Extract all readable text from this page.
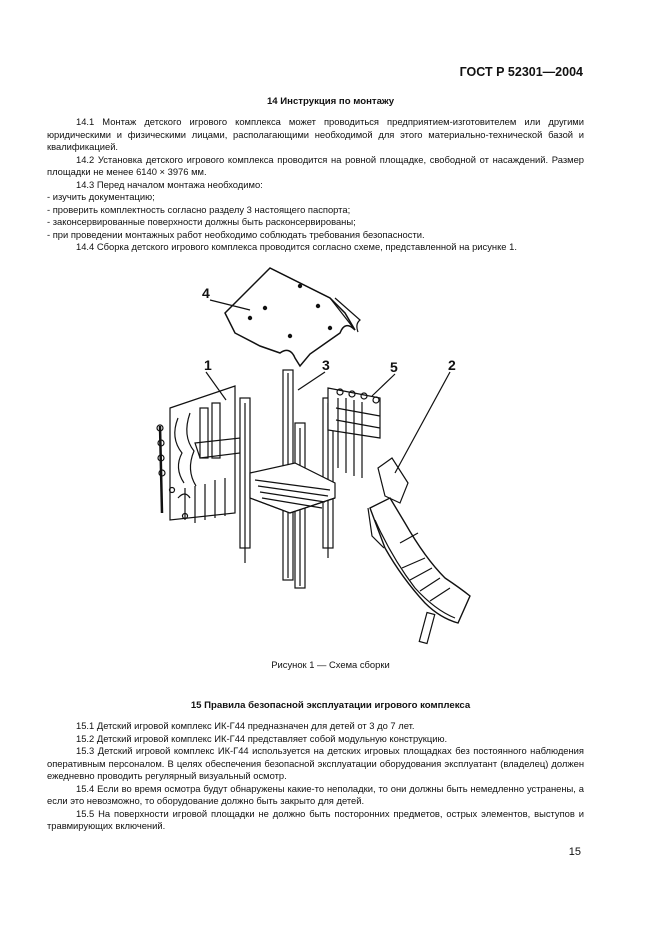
ГОСТ Р 52301—2004
14 Инструкция по монтажу

14.1 Монтаж детского игрового комплекса может проводиться предприятием-изготовителем или другими юридическими и физическими лицами, располагающими необходимой для этого материально-технической базой и квалификацией.

14.2 Установка детского игрового комплекса проводится на ровной площадке, свободной от насаждений. Размер площадки не менее 6140 × 3976 мм.

14.3 Перед началом монтажа необходимо:

- изучить документацию;

- проверить комплектность согласно разделу 3 настоящего паспорта;

- законсервированные поверхности должны быть расконсервированы;

- при проведении монтажных работ необходимо соблюдать требования безопасности.

14.4 Сборка детского игрового комплекса проводится согласно схеме, представленной на рисунке 1.

4
1	3	5	2
Рисунок 1 — Схема сборки
15 Правила безопасной эксплуатации игрового комплекса

15.1 Детский игровой комплекс ИК-Г44 предназначен для детей от 3 до 7 лет.

15.2 Детский игровой комплекс ИК-Г44 представляет собой модульную конструкцию.

15.3 Детский игровой комплекс ИК-Г44 используется на детских игровых площадках без постоянного наблюдения оперативным персоналом. В целях обеспечения безопасной эксплуатации оборудования эксплуатант (владелец) должен ежедневно проводить регулярный визуальный осмотр.

15.4 Если во время осмотра будут обнаружены какие-то неполадки, то они должны быть немедленно устранены, а если это невозможно, то оборудование должно быть закрыто для детей.

15.5 На поверхности игровой площадки не должно быть посторонних предметов, острых элементов, выступов и травмирующих включений.

15
